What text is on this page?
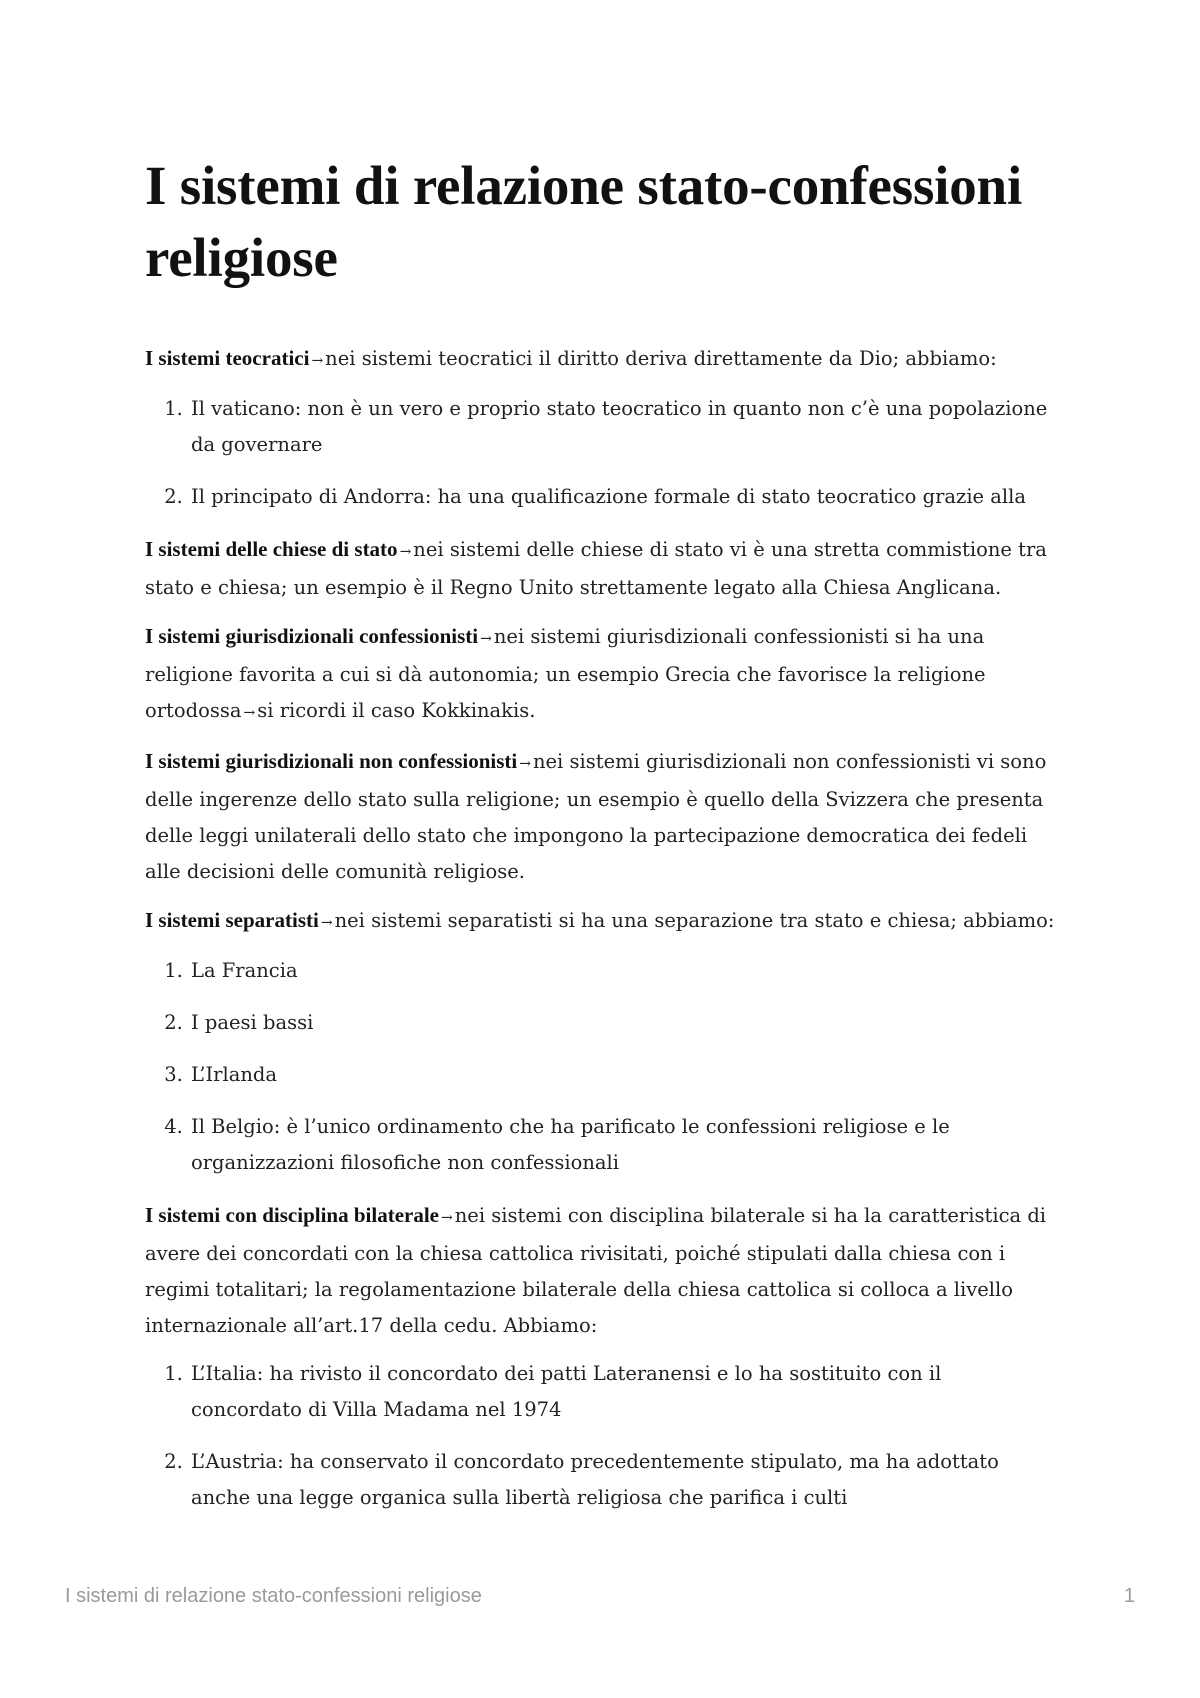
I sistemi di relazione stato-confessioni religiose

I sistemi teocratici → nei sistemi teocratici il diritto deriva direttamente da Dio; abbiamo:

1. Il vaticano: non è un vero e proprio stato teocratico in quanto non c’è una popolazione da governare
2. Il principato di Andorra: ha una qualificazione formale di stato teocratico grazie alla

I sistemi delle chiese di stato → nei sistemi delle chiese di stato vi è una stretta commistione tra stato e chiesa; un esempio è il Regno Unito strettamente legato alla Chiesa Anglicana.

I sistemi giurisdizionali confessionisti → nei sistemi giurisdizionali confessionisti si ha una religione favorita a cui si dà autonomia; un esempio Grecia che favorisce la religione ortodossa → si ricordi il caso Kokkinakis.

I sistemi giurisdizionali non confessionisti → nei sistemi giurisdizionali non confessionisti vi sono delle ingerenze dello stato sulla religione; un esempio è quello della Svizzera che presenta delle leggi unilaterali dello stato che impongono la partecipazione democratica dei fedeli alle decisioni delle comunità religiose.

I sistemi separatisti → nei sistemi separatisti si ha una separazione tra stato e chiesa; abbiamo:

1. La Francia
2. I paesi bassi
3. L’Irlanda
4. Il Belgio: è l’unico ordinamento che ha parificato le confessioni religiose e le organizzazioni filosofiche non confessionali

I sistemi con disciplina bilaterale → nei sistemi con disciplina bilaterale si ha la caratteristica di avere dei concordati con la chiesa cattolica rivisitati, poiché stipulati dalla chiesa con i regimi totalitari; la regolamentazione bilaterale della chiesa cattolica si colloca a livello internazionale all’art.17 della cedu. Abbiamo:

1. L’Italia: ha rivisto il concordato dei patti Lateranensi e lo ha sostituito con il concordato di Villa Madama nel 1974
2. L’Austria: ha conservato il concordato precedentemente stipulato, ma ha adottato anche una legge organica sulla libertà religiosa che parifica i culti
I sistemi di relazione stato-confessioni religiose	1
